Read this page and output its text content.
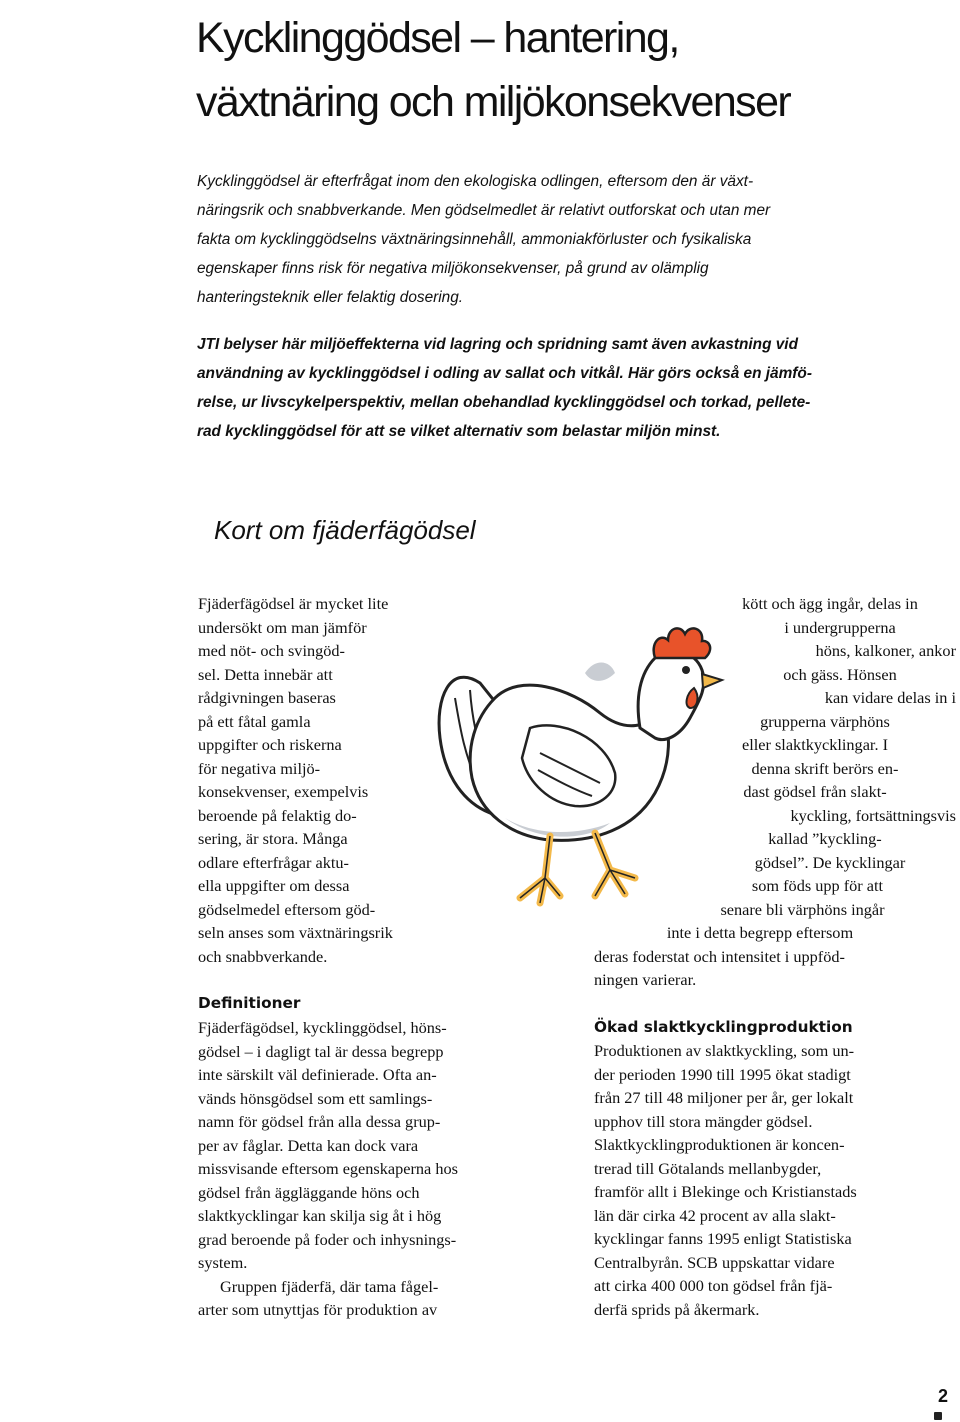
Kycklinggödsel – hantering,
växtnäring och miljökonsekvenser
Kycklinggödsel är efterfrågat inom den ekologiska odlingen, eftersom den är växt-
näringsrik och snabbverkande. Men gödselmedlet är relativt outforskat och utan mer
fakta om kycklinggödselns växtnäringsinnehåll, ammoniakförluster och fysikaliska
egenskaper finns risk för negativa miljökonsekvenser, på grund av olämplig
hanteringsteknik eller felaktig dosering.
JTI belyser här miljöeffekterna vid lagring och spridning samt även avkastning vid
användning av kycklinggödsel i odling av sallat och vitkål. Här görs också en jämfö-
relse, ur livscykelperspektiv, mellan obehandlad kycklinggödsel och torkad, pellete-
rad kycklinggödsel för att se vilket alternativ som belastar miljön minst.
Kort om fjäderfägödsel
Fjäderfägödsel är mycket lite
undersökt om man jämför
med nöt- och svingöd-
sel. Detta innebär att
rådgivningen baseras
på ett fåtal gamla
uppgifter och riskerna
för negativa miljö-
konsekvenser, exempelvis
beroende på felaktig do-
sering, är stora. Många
odlare efterfrågar aktu-
ella uppgifter om dessa
gödselmedel eftersom göd-
seln anses som växtnäringsrik
och snabbverkande.
kött och ägg ingår, delas in
i undergrupperna
höns, kalkoner, ankor
och gäss. Hönsen
kan vidare delas in i
grupperna värphöns
eller slaktkycklingar. I
denna skrift berörs en-
dast gödsel från slakt-
kyckling, fortsättningsvis
kallad ”kyckling-
gödsel”. De kycklingar
som föds upp för att
senare bli värphöns ingår
inte i detta begrepp eftersom
deras foderstat och intensitet i uppföd-
ningen varierar.
Definitioner
Fjäderfägödsel, kycklinggödsel, höns-
gödsel – i dagligt tal är dessa begrepp
inte särskilt väl definierade. Ofta an-
vänds hönsgödsel som ett samlings-
namn för gödsel från alla dessa grup-
per av fåglar. Detta kan dock vara
missvisande eftersom egenskaperna hos
gödsel från äggläggande höns och
slaktkycklingar kan skilja sig åt i hög
grad beroende på foder och inhysnings-
system.
Gruppen fjäderfä, där tama fågel-
arter som utnyttjas för produktion av
Ökad slaktkycklingproduktion
Produktionen av slaktkyckling, som un-
der perioden 1990 till 1995 ökat stadigt
från 27 till 48 miljoner per år, ger lokalt
upphov till stora mängder gödsel.
Slaktkycklingproduktionen är koncen-
trerad till Götalands mellanbygder,
framför allt i Blekinge och Kristianstads
län där cirka 42 procent av alla slakt-
kycklingar fanns 1995 enligt Statistiska
Centralbyrån. SCB uppskattar vidare
att cirka 400 000 ton gödsel från fjä-
derfä sprids på åkermark.
2
